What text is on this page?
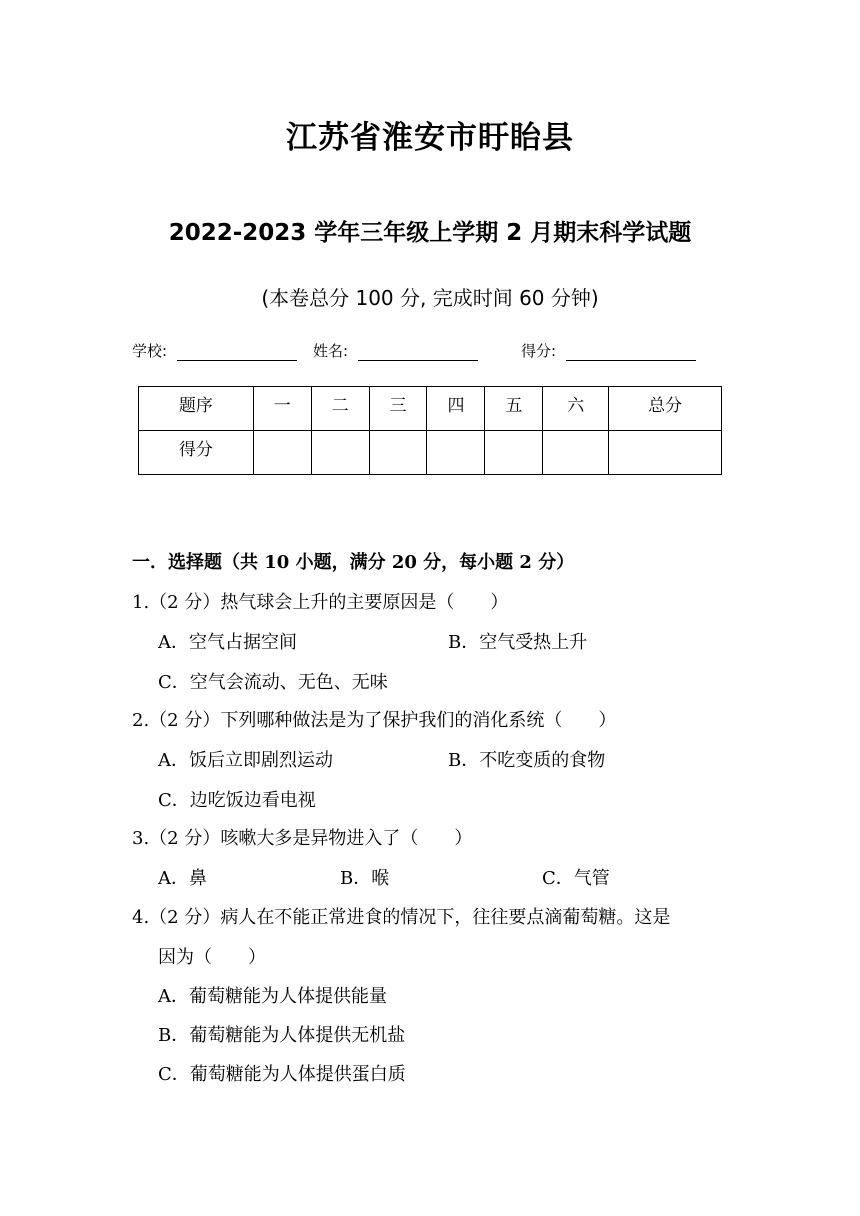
江苏省淮安市盱眙县
2022-2023 学年三年级上学期 2 月期末科学试题
(本卷总分 100 分, 完成时间 60 分钟)
学校:	姓名:	得分:
题序	一	二	三	四	五	六	总分
得分							
一．选择题（共 10 小题，满分 20 分，每小题 2 分）
1.（2 分）热气球会上升的主要原因是（　　）
A．空气占据空间	B．空气受热上升
C．空气会流动、无色、无味
2.（2 分）下列哪种做法是为了保护我们的消化系统（　　）
A．饭后立即剧烈运动	B．不吃变质的食物
C．边吃饭边看电视
3.（2 分）咳嗽大多是异物进入了（　　）
A．鼻	B．喉	C．气管
4.（2 分）病人在不能正常进食的情况下，往往要点滴葡萄糖。这是
因为（　　）
A．葡萄糖能为人体提供能量
B．葡萄糖能为人体提供无机盐
C．葡萄糖能为人体提供蛋白质
